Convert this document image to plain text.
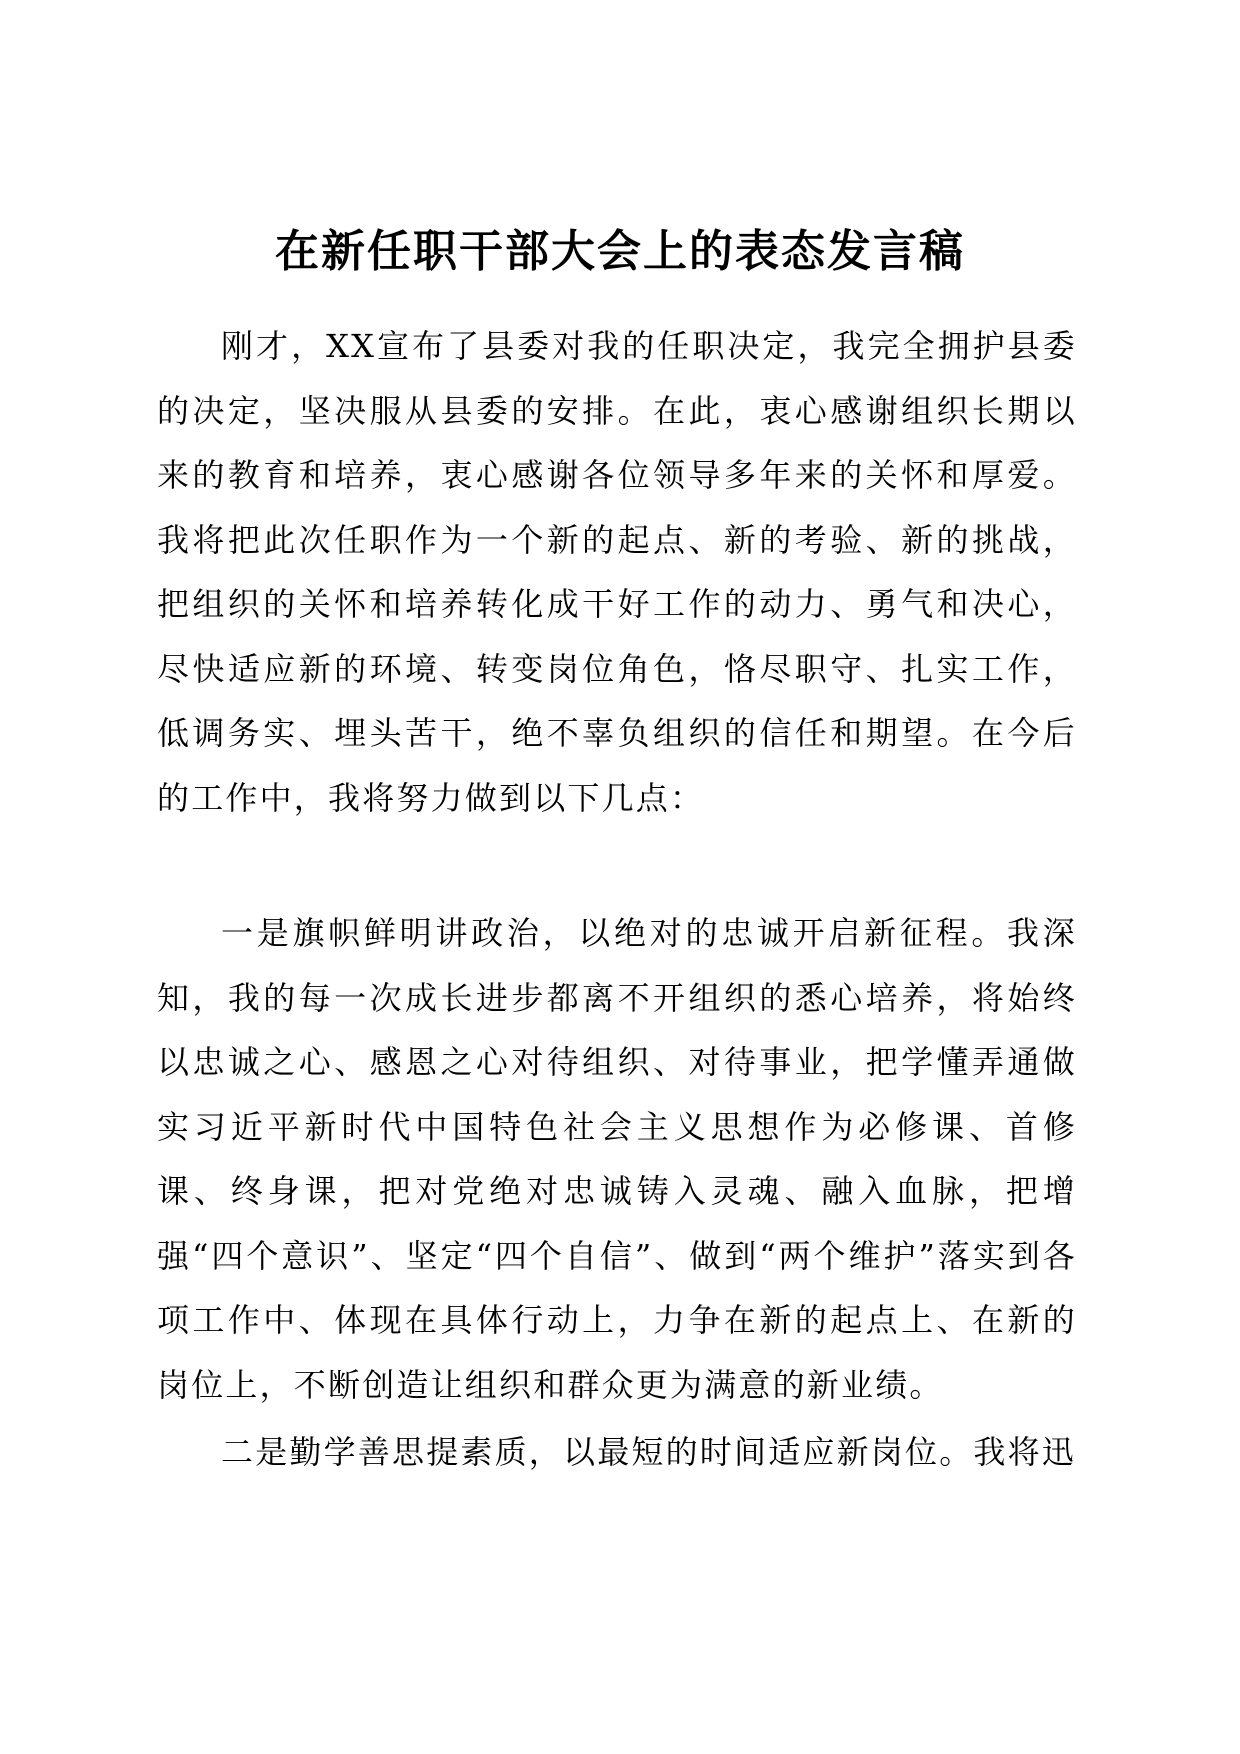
在新任职干部大会上的表态发言稿

刚才，XX宣布了县委对我的任职决定，我完全拥护县委的决定，坚决服从县委的安排。在此，衷心感谢组织长期以来的教育和培养，衷心感谢各位领导多年来的关怀和厚爱。我将把此次任职作为一个新的起点、新的考验、新的挑战，把组织的关怀和培养转化成干好工作的动力、勇气和决心，尽快适应新的环境、转变岗位角色，恪尽职守、扎实工作，低调务实、埋头苦干，绝不辜负组织的信任和期望。在今后的工作中，我将努力做到以下几点：

一是旗帜鲜明讲政治，以绝对的忠诚开启新征程。我深知，我的每一次成长进步都离不开组织的悉心培养，将始终以忠诚之心、感恩之心对待组织、对待事业，把学懂弄通做实习近平新时代中国特色社会主义思想作为必修课、首修课、终身课，把对党绝对忠诚铸入灵魂、融入血脉，把增强“四个意识”、坚定“四个自信”、做到“两个维护”落实到各项工作中、体现在具体行动上，力争在新的起点上、在新的岗位上，不断创造让组织和群众更为满意的新业绩。

二是勤学善思提素质，以最短的时间适应新岗位。我将迅
